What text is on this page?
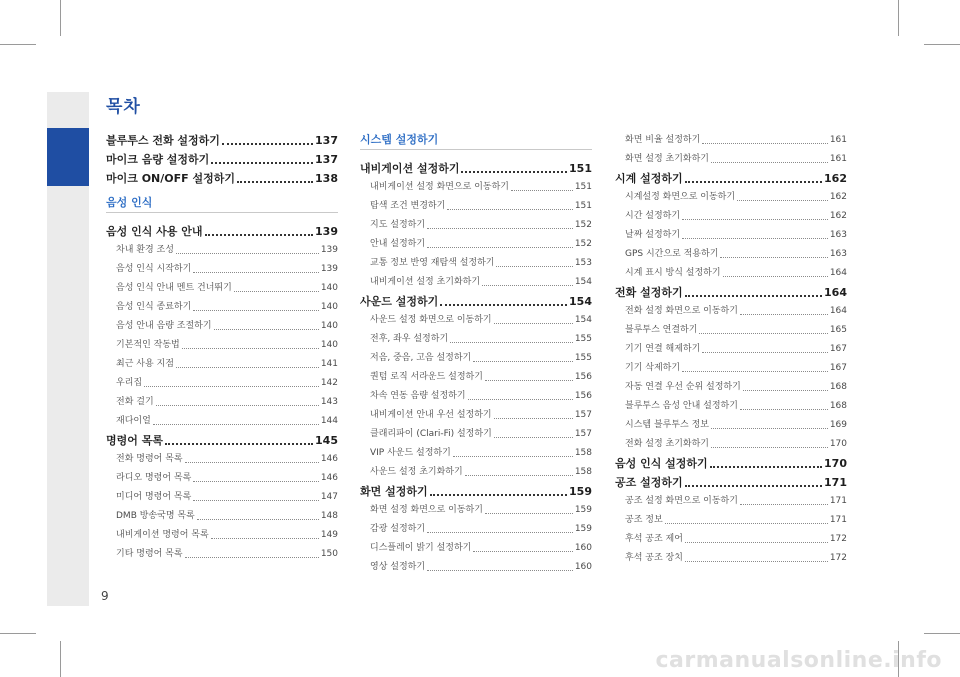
목차
블루투스 전화 설정하기	137
마이크 음량 설정하기	137
마이크 ON/OFF 설정하기	138
음성 인식
음성 인식 사용 안내	139
차내 환경 조성	139
음성 인식 시작하기	139
음성 인식 안내 멘트 건너뛰기	140
음성 인식 종료하기	140
음성 안내 음량 조절하기	140
기본적인 작동법	140
최근 사용 지점	141
우리집	142
전화 걸기	143
재다이얼	144
명령어 목록	145
전화 명령어 목록	146
라디오 명령어 목록	146
미디어 명령어 목록	147
DMB 방송국명 목록	148
내비게이션 명령어 목록	149
기타 명령어 목록	150
시스템 설정하기
내비게이션 설정하기	151
내비게이션 설정 화면으로 이동하기	151
탐색 조건 변경하기	151
지도 설정하기	152
안내 설정하기	152
교통 정보 반영 재탐색 설정하기	153
내비게이션 설정 초기화하기	154
사운드 설정하기	154
사운드 설정 화면으로 이동하기	154
전후, 좌우 설정하기	155
저음, 중음, 고음 설정하기	155
퀀텀 로직 서라운드 설정하기	156
차속 연동 음량 설정하기	156
내비게이션 안내 우선 설정하기	157
클래리파이 (Clari-Fi) 설정하기	157
VIP 사운드 설정하기	158
사운드 설정 초기화하기	158
화면 설정하기	159
화면 설정 화면으로 이동하기	159
감광 설정하기	159
디스플레이 밝기 설정하기	160
영상 설정하기	160
화면 비율 설정하기	161
화면 설정 초기화하기	161
시계 설정하기	162
시계설정 화면으로 이동하기	162
시간 설정하기	162
날짜 설정하기	163
GPS 시간으로 적용하기	163
시계 표시 방식 설정하기	164
전화 설정하기	164
전화 설정 화면으로 이동하기	164
블루투스 연결하기	165
기기 연결 해제하기	167
기기 삭제하기	167
자동 연결 우선 순위 설정하기	168
블루투스 음성 안내 설정하기	168
시스템 블루투스 정보	169
전화 설정 초기화하기	170
음성 인식 설정하기	170
공조 설정하기	171
공조 설정 화면으로 이동하기	171
공조 정보	171
후석 공조 제어	172
후석 공조 장치	172
9
carmanualsonline.info
